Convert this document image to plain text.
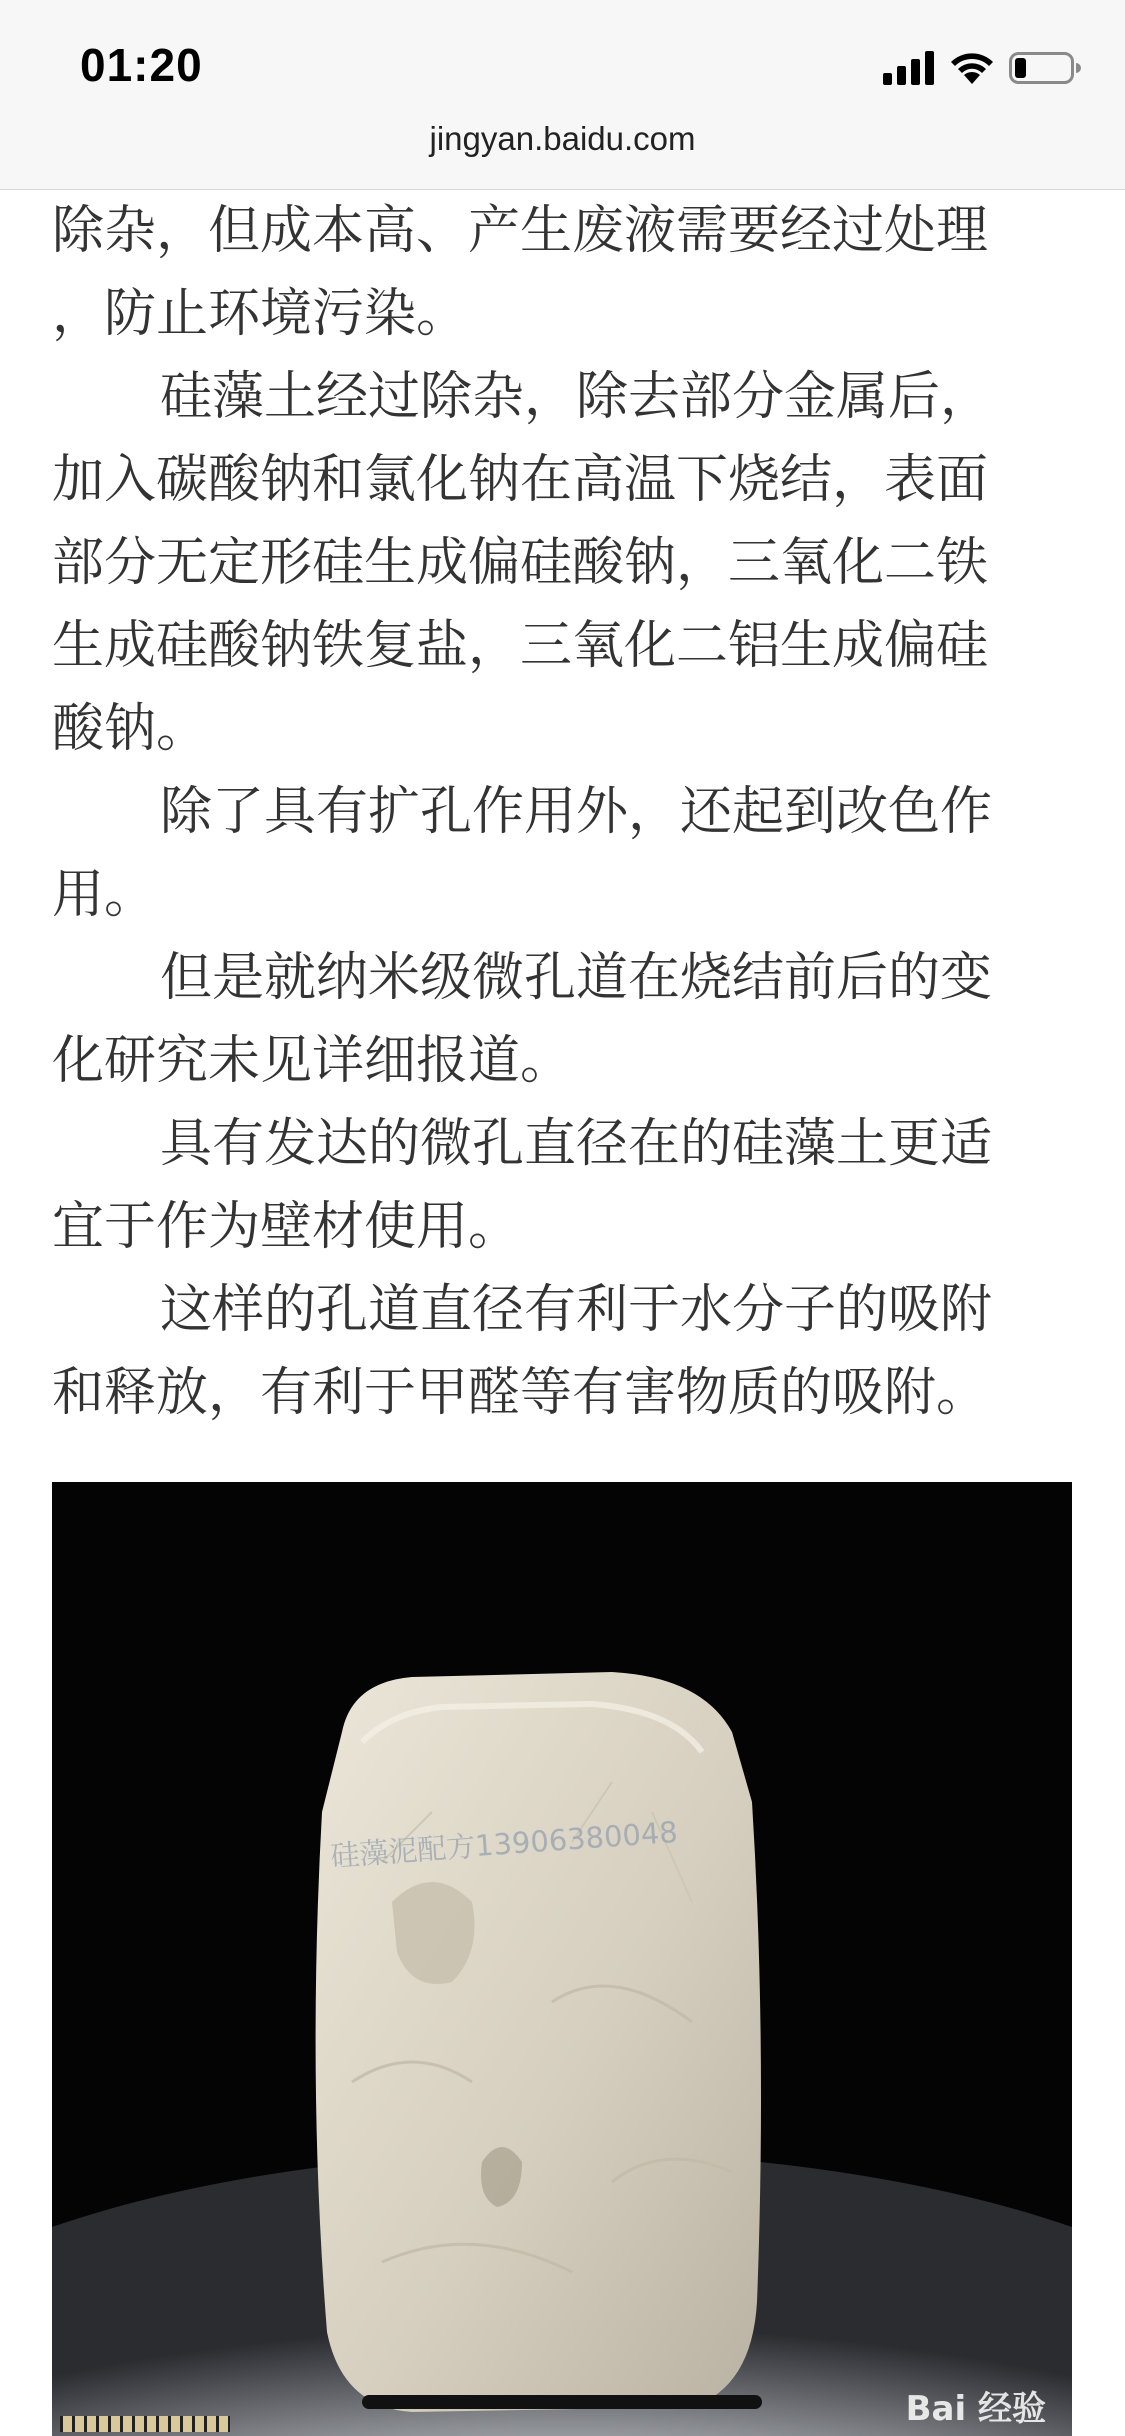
01:20
jingyan.baidu.com

除杂，但成本高、产生废液需要经过处理

，防止环境污染。

硅藻土经过除杂，除去部分金属后，

加入碳酸钠和氯化钠在高温下烧结，表面

部分无定形硅生成偏硅酸钠，三氧化二铁

生成硅酸钠铁复盐，三氧化二铝生成偏硅

酸钠。

除了具有扩孔作用外，还起到改色作

用。

但是就纳米级微孔道在烧结前后的变

化研究未见详细报道。

具有发达的微孔直径在的硅藻土更适

宜于作为壁材使用。

这样的孔道直径有利于水分子的吸附

和释放，有利于甲醛等有害物质的吸附。

硅藻泥配方13906380048
Bai 经验
